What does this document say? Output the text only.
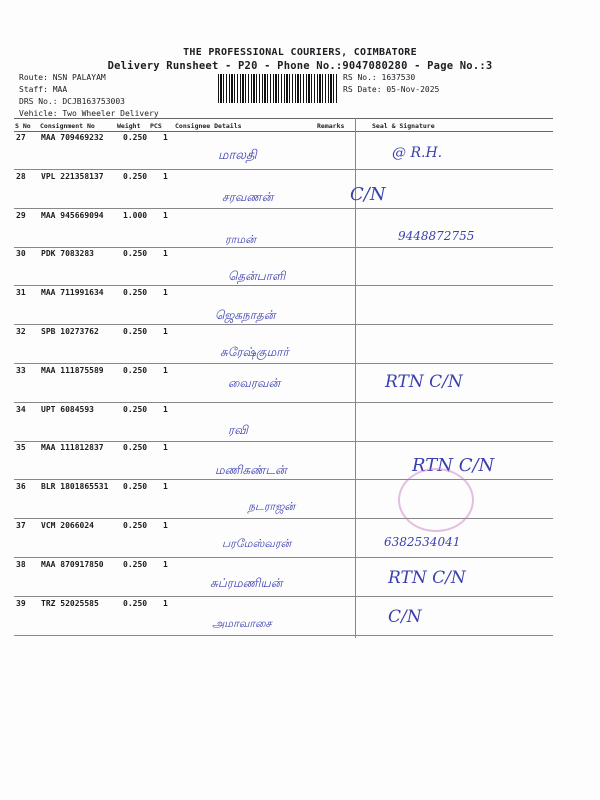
THE PROFESSIONAL COURIERS, COIMBATORE
Delivery Runsheet - P20 - Phone No.:9047080280 - Page No.:3
Route: NSN PALAYAM
Staff: MAA
DRS No.: DCJB163753003
Vehicle: Two Wheeler Delivery
RS No.: 1637530
RS Date: 05-Nov-2025
S No Consignment No	Weight PCS Consignee Details	Remarks	Seal & Signature
27 MAA 709469232 0.250 1
மாலதி	@ R.H.
28 VPL 221358137 0.250 1
சரவணன்	C/N
29 MAA 945669094 1.000 1
ராமன்	9448872755
30 PDK 7083283	0.250 1
தென்பாளி
31 MAA 711991634 0.250 1
ஜெகநாதன்
32 SPB 10273762	0.250 1
சுரேஷ்குமார்
33 MAA 111875589 0.250 1
வைரவன்	RTN C/N
34 UPT 6084593	0.250 1
ரவி
35 MAA 111812837 0.250 1
மணிகண்டன்	RTN C/N
36 BLR 1801865531 0.250 1
நடராஜன்
37 VCM 2066024	0.250 1
பரமேஸ்வரன்	6382534041
38 MAA 870917850 0.250 1
சுப்ரமணியன்	RTN C/N
39 TRZ 52025585	0.250 1
அமாவாசை	C/N
